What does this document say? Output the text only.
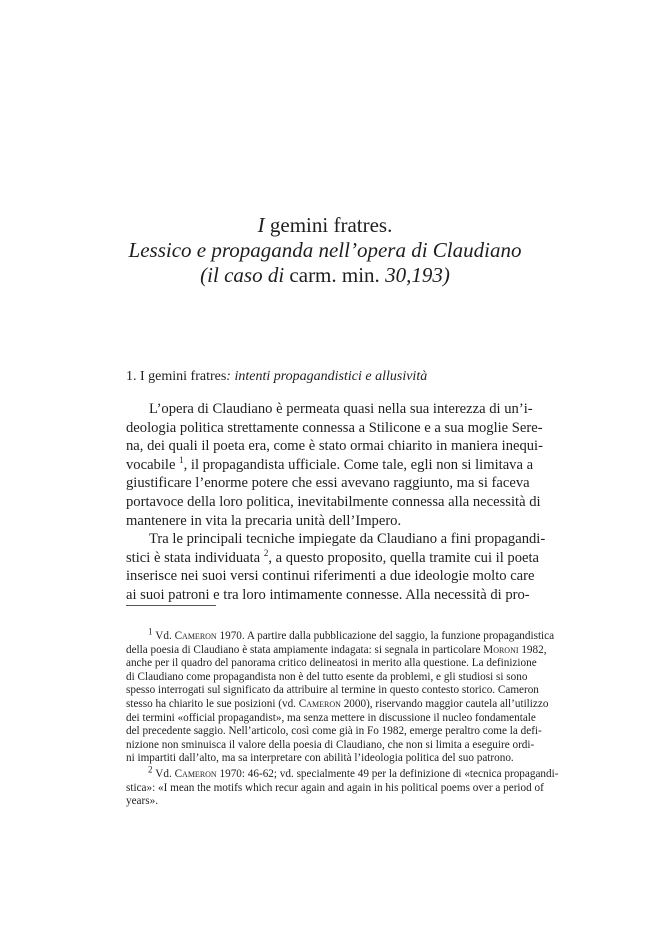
I gemini fratres.
Lessico e propaganda nell’opera di Claudiano
(il caso di carm. min. 30,193)
1. I gemini fratres: intenti propagandistici e allusività
L’opera di Claudiano è permeata quasi nella sua interezza di un’i-
deologia politica strettamente connessa a Stilicone e a sua moglie Sere-
na, dei quali il poeta era, come è stato ormai chiarito in maniera inequi-
vocabile $^1$, il propagandista ufficiale. Come tale, egli non si limitava a
giustificare l’enorme potere che essi avevano raggiunto, ma si faceva
portavoce della loro politica, inevitabilmente connessa alla necessità di
mantenere in vita la precaria unità dell’Impero.
Tra le principali tecniche impiegate da Claudiano a fini propagandi-
stici è stata individuata $^2$, a questo proposito, quella tramite cui il poeta
inserisce nei suoi versi continui riferimenti a due ideologie molto care
ai suoi patroni e tra loro intimamente connesse. Alla necessità di pro-
$^1$ Vd. Cameron 1970. A partire dalla pubblicazione del saggio, la funzione propagandistica
della poesia di Claudiano è stata ampiamente indagata: si segnala in particolare Moroni 1982,
anche per il quadro del panorama critico delineatosi in merito alla questione. La definizione
di Claudiano come propagandista non è del tutto esente da problemi, e gli studiosi si sono
spesso interrogati sul significato da attribuire al termine in questo contesto storico. Cameron
stesso ha chiarito le sue posizioni (vd. Cameron 2000), riservando maggior cautela all’utilizzo
dei termini «official propagandist», ma senza mettere in discussione il nucleo fondamentale
del precedente saggio. Nell’articolo, così come già in Fo 1982, emerge peraltro come la defi-
nizione non sminuisca il valore della poesia di Claudiano, che non si limita a eseguire ordi-
ni impartiti dall’alto, ma sa interpretare con abilità l’ideologia politica del suo patrono.
$^2$ Vd. Cameron 1970: 46-62; vd. specialmente 49 per la definizione di «tecnica propagandi-
stica»: «I mean the motifs which recur again and again in his political poems over a period of
years».
